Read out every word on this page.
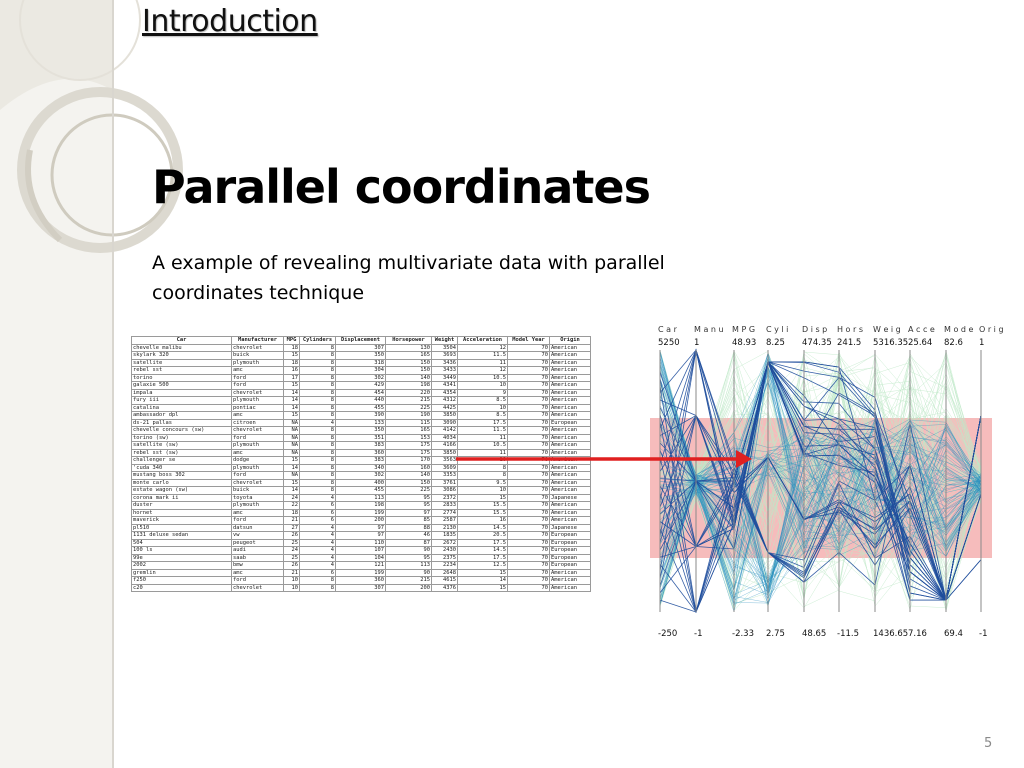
Introduction
Parallel coordinates
A example of revealing multivariate data with parallel coordinates technique
Car	Manufacturer	MPG	Cylinders	Displacement	Horsepower	Weight	Acceleration	Model Year	Origin
chevelle malibu	chevrolet	18	8	307	130	3504	12	70	American
skylark 320	buick	15	8	350	165	3693	11.5	70	American
satellite	plymouth	18	8	318	150	3436	11	70	American
rebel sst	amc	16	8	304	150	3433	12	70	American
torino	ford	17	8	302	140	3449	10.5	70	American
galaxie 500	ford	15	8	429	198	4341	10	70	American
impala	chevrolet	14	8	454	220	4354	9	70	American
fury iii	plymouth	14	8	440	215	4312	8.5	70	American
catalina	pontiac	14	8	455	225	4425	10	70	American
ambassador dpl	amc	15	8	390	190	3850	8.5	70	American
ds-21 pallas	citroen	NA	4	133	115	3090	17.5	70	European
chevelle concours (sw)	chevrolet	NA	8	350	165	4142	11.5	70	American
torino (sw)	ford	NA	8	351	153	4034	11	70	American
satellite (sw)	plymouth	NA	8	383	175	4166	10.5	70	American
rebel sst (sw)	amc	NA	8	360	175	3850	11	70	American
challenger se	dodge	15	8	383	170	3563	10	70	American
'cuda 340	plymouth	14	8	340	160	3609	8	70	American
mustang boss 302	ford	NA	8	302	140	3353	8	70	American
monte carlo	chevrolet	15	8	400	150	3761	9.5	70	American
estate wagon (sw)	buick	14	8	455	225	3086	10	70	American
corona mark ii	toyota	24	4	113	95	2372	15	70	Japanese
duster	plymouth	22	6	198	95	2833	15.5	70	American
hornet	amc	18	6	199	97	2774	15.5	70	American
maverick	ford	21	6	200	85	2587	16	70	American
pl510	datsun	27	4	97	88	2130	14.5	70	Japanese
1131 deluxe sedan	vw	26	4	97	46	1835	20.5	70	European
504	peugeot	25	4	110	87	2672	17.5	70	European
100 ls	audi	24	4	107	90	2430	14.5	70	European
99e	saab	25	4	104	95	2375	17.5	70	European
2002	bmw	26	4	121	113	2234	12.5	70	European
gremlin	amc	21	6	199	90	2648	15	70	American
f250	ford	10	8	360	215	4615	14	70	American
c20	chevrolet	10	8	307	200	4376	15	70	American
C a r
5250
-250
M a n u
1
-1
M P G
48.93
-2.33
C y l i
8.25
2.75
D i s p
474.35
48.65
H o r s
241.5
-11.5
W e i g
5316.35
1436.65
A c c e
25.64
7.16
M o d e
82.6
69.4
O r i g
1
-1
5
